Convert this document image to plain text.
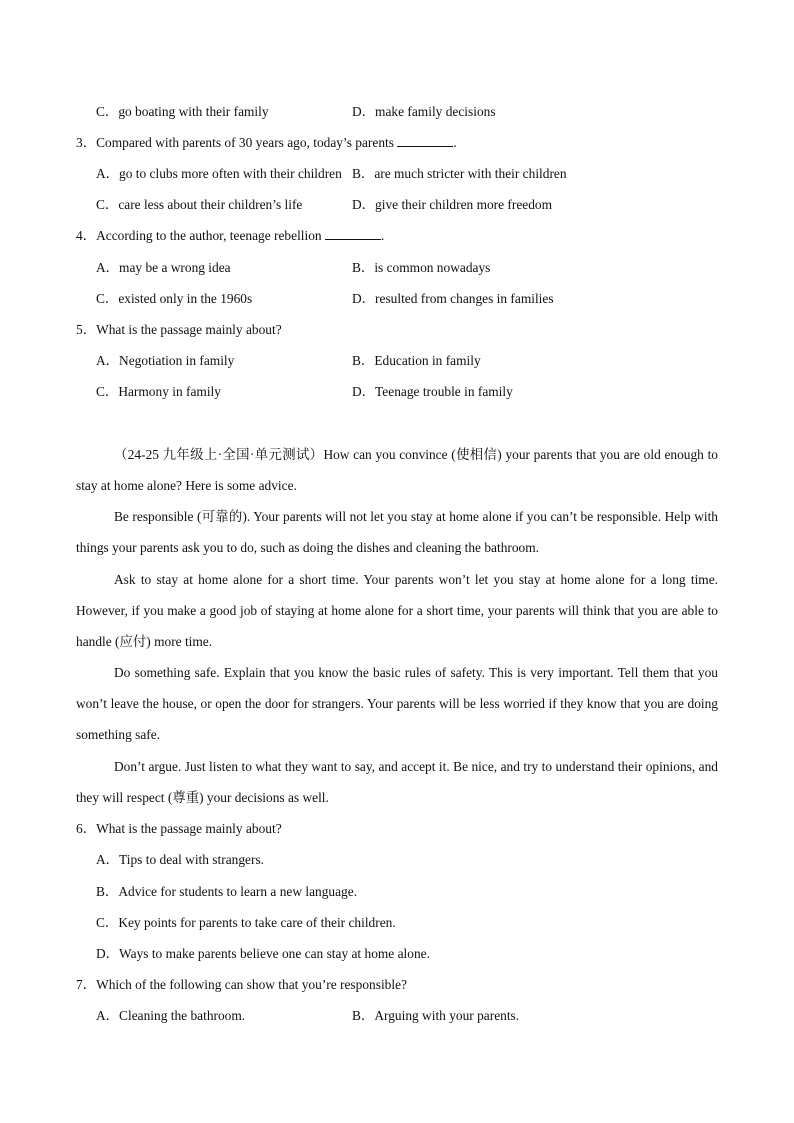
C．go boating with their family	D．make family decisions
3．Compared with parents of 30 years ago, today’s parents	.
A．go to clubs more often with their children B．are much stricter with their children
C．care less about their children’s life	D．give their children more freedom
4．According to the author, teenage rebellion	.
A．may be a wrong idea	B．is common nowadays
C．existed only in the 1960s	D．resulted from changes in families
5．What is the passage mainly about?
A．Negotiation in family	B．Education in family
C．Harmony in family	D．Teenage trouble in family
（24-25 九年级上·全国·单元测试）How can you convince (使相信) your parents that you are old enough to stay at home alone? Here is some advice.
Be responsible (可靠的). Your parents will not let you stay at home alone if you can’t be responsible. Help with things your parents ask you to do, such as doing the dishes and cleaning the bathroom.
Ask to stay at home alone for a short time. Your parents won’t let you stay at home alone for a long time. However, if you make a good job of staying at home alone for a short time, your parents will think that you are able to handle (应付) more time.
Do something safe. Explain that you know the basic rules of safety. This is very important. Tell them that you won’t leave the house, or open the door for strangers. Your parents will be less worried if they know that you are doing something safe.
Don’t argue. Just listen to what they want to say, and accept it. Be nice, and try to understand their opinions, and they will respect (尊重) your decisions as well.
6．What is the passage mainly about?
A．Tips to deal with strangers.
B．Advice for students to learn a new language.
C．Key points for parents to take care of their children.
D．Ways to make parents believe one can stay at home alone.
7．Which of the following can show that you’re responsible?
A．Cleaning the bathroom.	B．Arguing with your parents.
